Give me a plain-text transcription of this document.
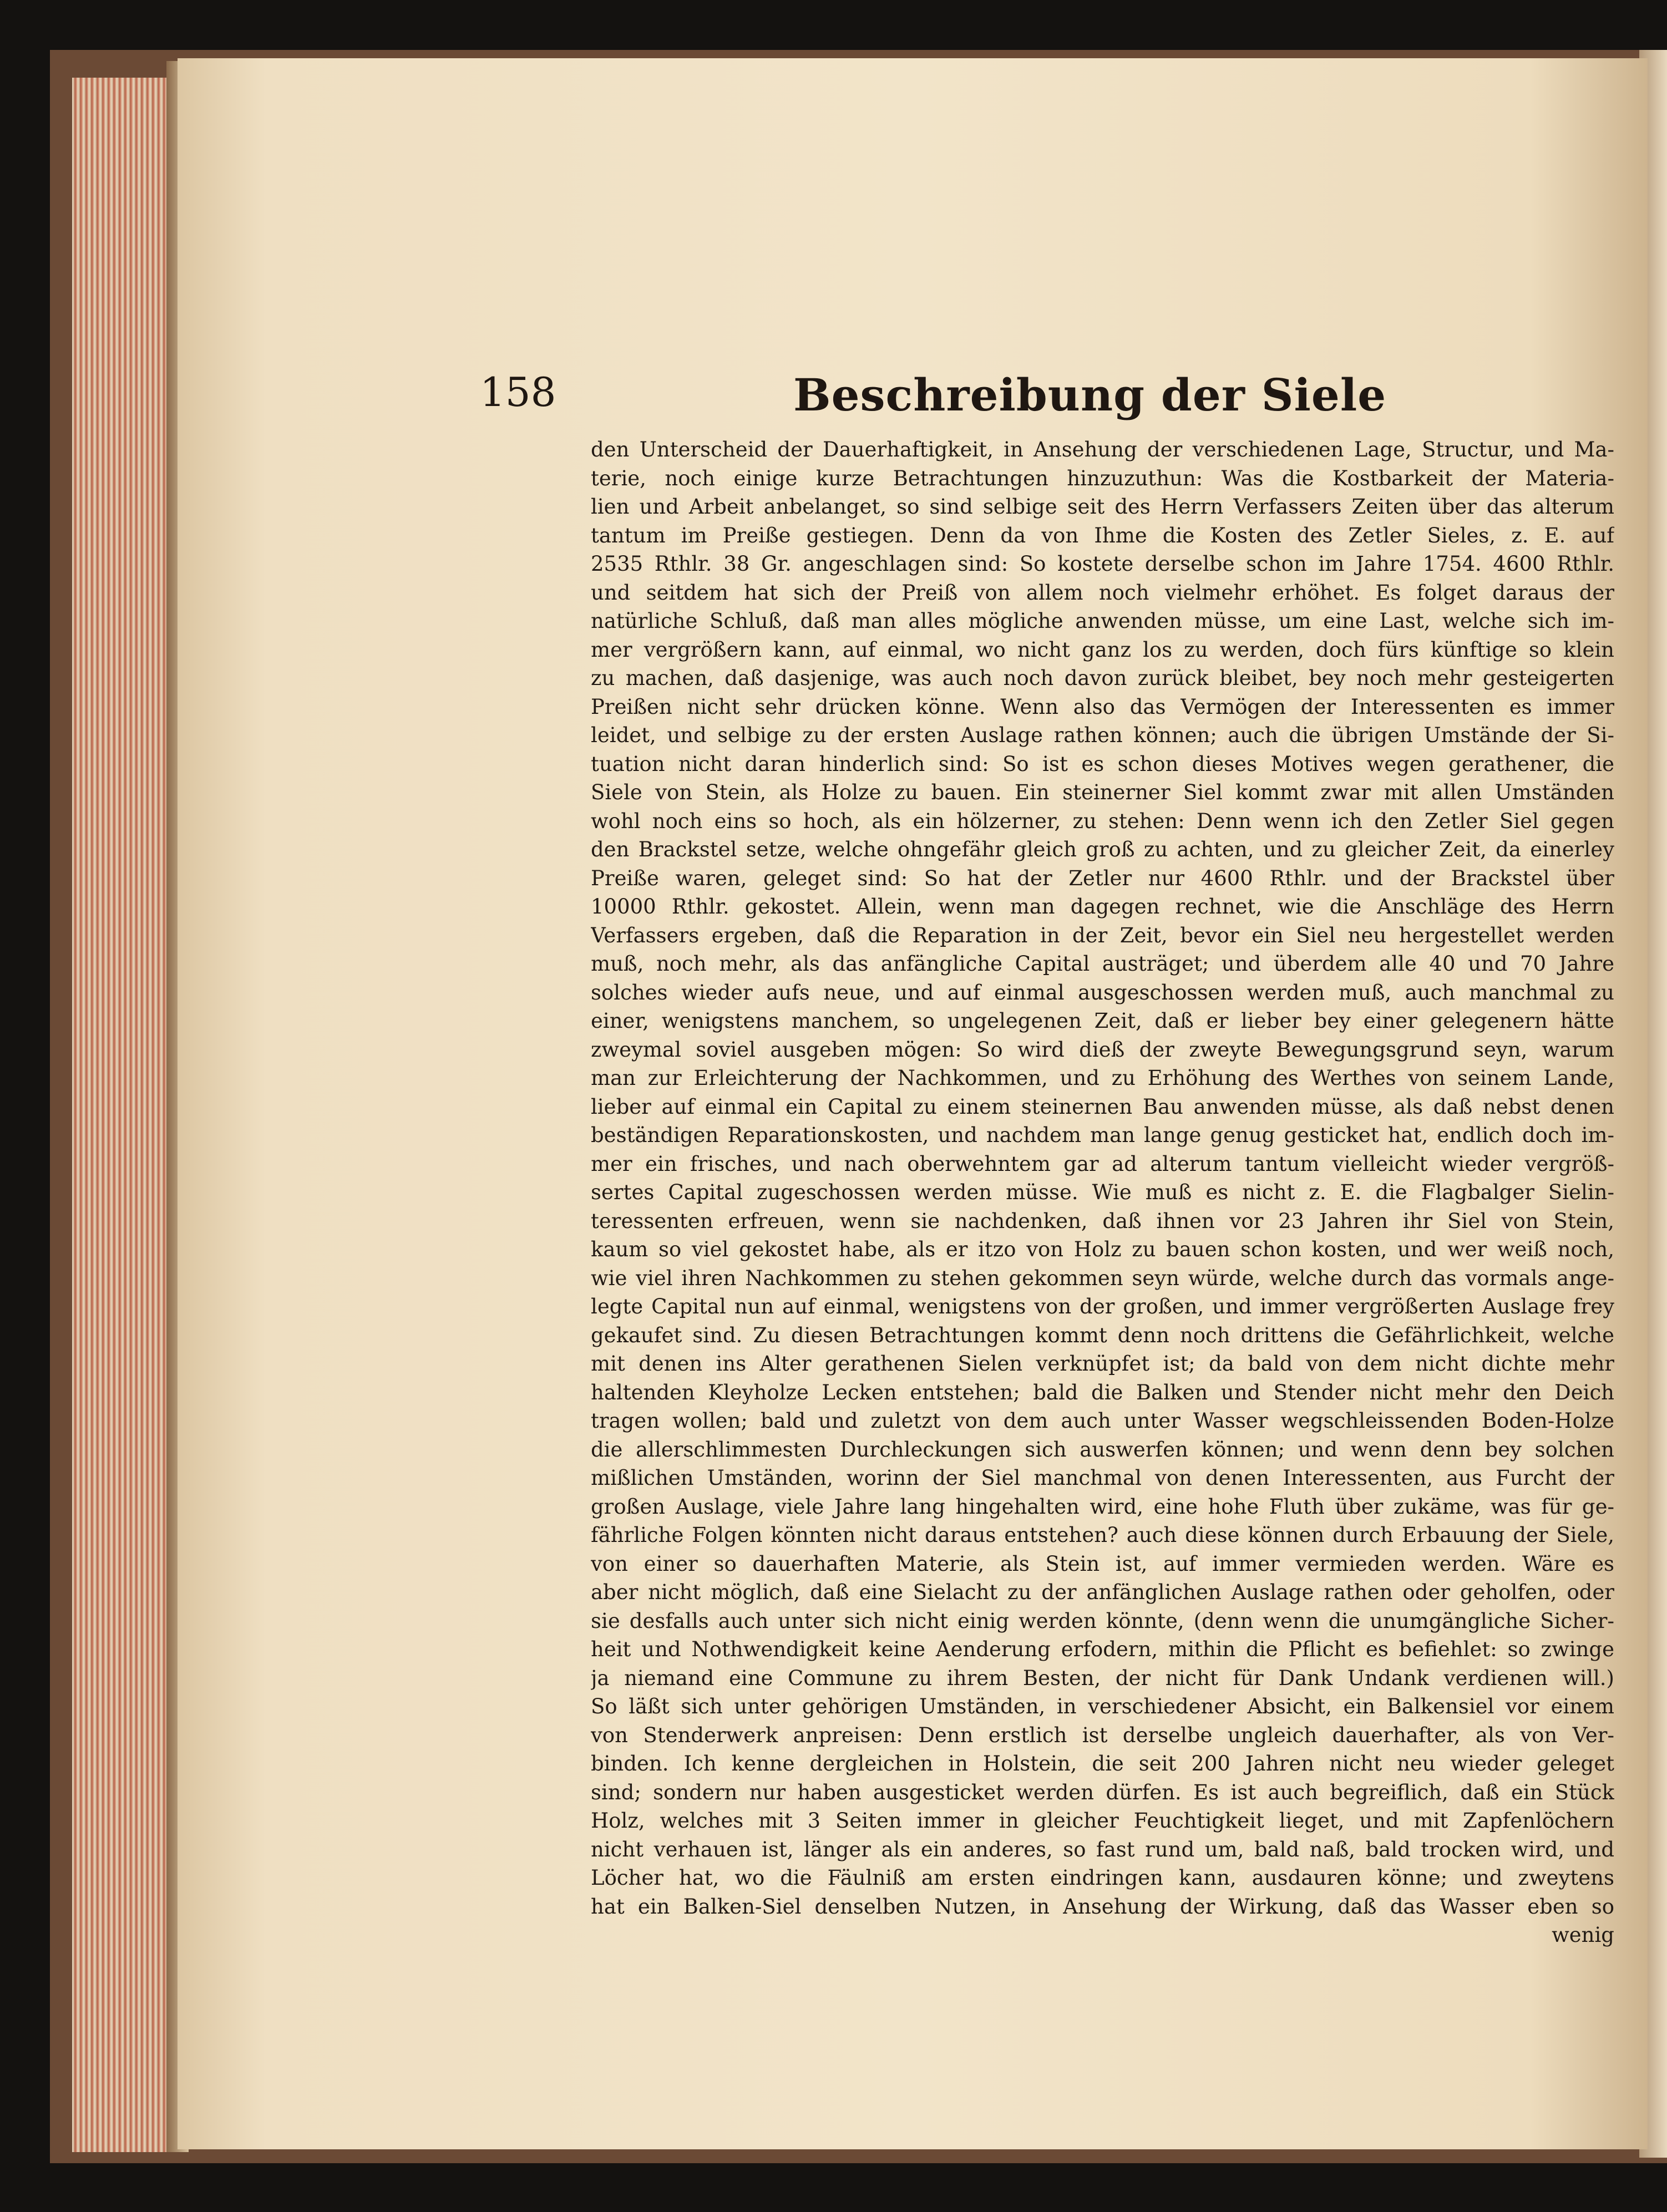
158	Beschreibung der Siele
den Unterscheid der Dauerhaftigkeit, in Ansehung der verschiedenen Lage, Structur, und Ma-
terie, noch einige kurze Betrachtungen hinzuzuthun: Was die Kostbarkeit der Materia-
lien und Arbeit anbelanget, so sind selbige seit des Herrn Verfassers Zeiten über das alterum
tantum im Preiße gestiegen. Denn da von Ihme die Kosten des Zetler Sieles, z. E. auf
2535 Rthlr. 38 Gr. angeschlagen sind: So kostete derselbe schon im Jahre 1754. 4600 Rthlr.
und seitdem hat sich der Preiß von allem noch vielmehr erhöhet. Es folget daraus der
natürliche Schluß, daß man alles mögliche anwenden müsse, um eine Last, welche sich im-
mer vergrößern kann, auf einmal, wo nicht ganz los zu werden, doch fürs künftige so klein
zu machen, daß dasjenige, was auch noch davon zurück bleibet, bey noch mehr gesteigerten
Preißen nicht sehr drücken könne. Wenn also das Vermögen der Interessenten es immer
leidet, und selbige zu der ersten Auslage rathen können; auch die übrigen Umstände der Si-
tuation nicht daran hinderlich sind: So ist es schon dieses Motives wegen gerathener, die
Siele von Stein, als Holze zu bauen. Ein steinerner Siel kommt zwar mit allen Umständen
wohl noch eins so hoch, als ein hölzerner, zu stehen: Denn wenn ich den Zetler Siel gegen
den Brackstel setze, welche ohngefähr gleich groß zu achten, und zu gleicher Zeit, da einerley
Preiße waren, geleget sind: So hat der Zetler nur 4600 Rthlr. und der Brackstel über
10000 Rthlr. gekostet. Allein, wenn man dagegen rechnet, wie die Anschläge des Herrn
Verfassers ergeben, daß die Reparation in der Zeit, bevor ein Siel neu hergestellet werden
muß, noch mehr, als das anfängliche Capital austräget; und überdem alle 40 und 70 Jahre
solches wieder aufs neue, und auf einmal ausgeschossen werden muß, auch manchmal zu
einer, wenigstens manchem, so ungelegenen Zeit, daß er lieber bey einer gelegenern hätte
zweymal soviel ausgeben mögen: So wird dieß der zweyte Bewegungsgrund seyn, warum
man zur Erleichterung der Nachkommen, und zu Erhöhung des Werthes von seinem Lande,
lieber auf einmal ein Capital zu einem steinernen Bau anwenden müsse, als daß nebst denen
beständigen Reparationskosten, und nachdem man lange genug gesticket hat, endlich doch im-
mer ein frisches, und nach oberwehntem gar ad alterum tantum vielleicht wieder vergröß-
sertes Capital zugeschossen werden müsse. Wie muß es nicht z. E. die Flagbalger Sielin-
teressenten erfreuen, wenn sie nachdenken, daß ihnen vor 23 Jahren ihr Siel von Stein,
kaum so viel gekostet habe, als er itzo von Holz zu bauen schon kosten, und wer weiß noch,
wie viel ihren Nachkommen zu stehen gekommen seyn würde, welche durch das vormals ange-
legte Capital nun auf einmal, wenigstens von der großen, und immer vergrößerten Auslage frey
gekaufet sind. Zu diesen Betrachtungen kommt denn noch drittens die Gefährlichkeit, welche
mit denen ins Alter gerathenen Sielen verknüpfet ist; da bald von dem nicht dichte mehr
haltenden Kleyholze Lecken entstehen; bald die Balken und Stender nicht mehr den Deich
tragen wollen; bald und zuletzt von dem auch unter Wasser wegschleissenden Boden-Holze
die allerschlimmesten Durchleckungen sich auswerfen können; und wenn denn bey solchen
mißlichen Umständen, worinn der Siel manchmal von denen Interessenten, aus Furcht der
großen Auslage, viele Jahre lang hingehalten wird, eine hohe Fluth über zukäme, was für ge-
fährliche Folgen könnten nicht daraus entstehen? auch diese können durch Erbauung der Siele,
von einer so dauerhaften Materie, als Stein ist, auf immer vermieden werden. Wäre es
aber nicht möglich, daß eine Sielacht zu der anfänglichen Auslage rathen oder geholfen, oder
sie desfalls auch unter sich nicht einig werden könnte, (denn wenn die unumgängliche Sicher-
heit und Nothwendigkeit keine Aenderung erfodern, mithin die Pflicht es befiehlet: so zwinge
ja niemand eine Commune zu ihrem Besten, der nicht für Dank Undank verdienen will.)
So läßt sich unter gehörigen Umständen, in verschiedener Absicht, ein Balkensiel vor einem
von Stenderwerk anpreisen: Denn erstlich ist derselbe ungleich dauerhafter, als von Ver-
binden. Ich kenne dergleichen in Holstein, die seit 200 Jahren nicht neu wieder geleget
sind; sondern nur haben ausgesticket werden dürfen. Es ist auch begreiflich, daß ein Stück
Holz, welches mit 3 Seiten immer in gleicher Feuchtigkeit lieget, und mit Zapfenlöchern
nicht verhauen ist, länger als ein anderes, so fast rund um, bald naß, bald trocken wird, und
Löcher hat, wo die Fäulniß am ersten eindringen kann, ausdauren könne; und zweytens
hat ein Balken-Siel denselben Nutzen, in Ansehung der Wirkung, daß das Wasser eben so
wenig
